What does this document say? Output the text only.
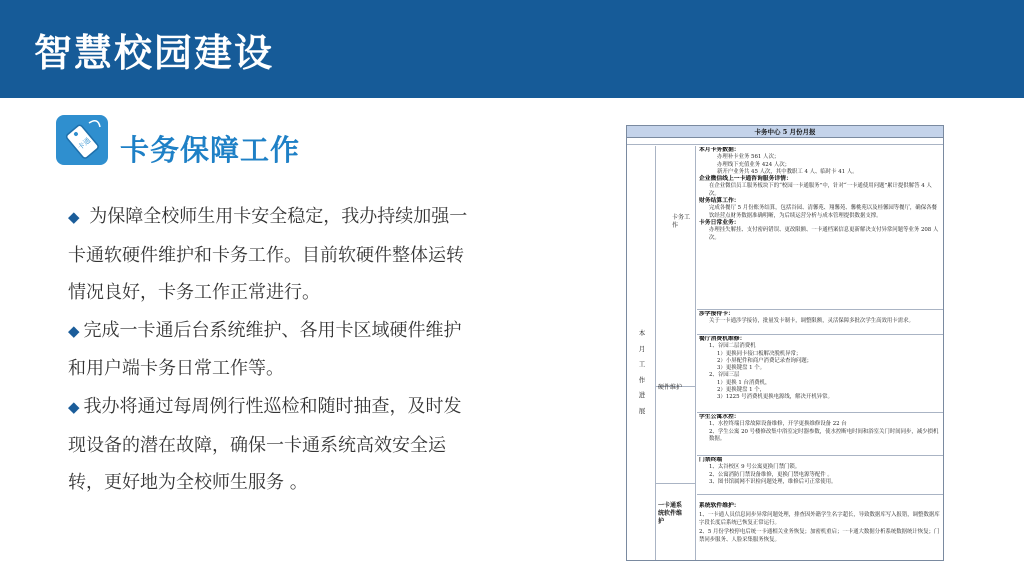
智慧校园建设
卡通 卡务保障工作

◆ 为保障全校师生用卡安全稳定，我办持续加强一卡通软硬件维护和卡务工作。目前软硬件整体运转情况良好，卡务工作正常进行。

◆ 完成一卡通后台系统维护、各用卡区域硬件维护和用户端卡务日常工作等。

◆ 我办将通过每周例行性巡检和随时抽查，及时发现设备的潜在故障，确保一卡通系统高效安全运转，更好地为全校师生服务 。

卡务中心 5 月份月报
本月工作进展
卡务工作
硬件维护
一卡通系统软件维护
本月卡务数据：
办理补卡业务 561 人次；
办理线下充值业务 424 人次；
新开户业务共 45 人次，其中教职工 4 人、临时卡 41 人。
企业微信线上一卡通咨询服务详情：
在企业微信员工服务板块下的“校园一卡通服务”中，针对“一卡通使用问题”累计提供解答 4 人次。
财务结算工作：
完成各餐厅 5 月份账务结算，包括谷园、清馨苑、翔馨苑、馨桃苑以及桂馨园等餐厅，确保各餐饮经营点财务数据准确明晰，为后续运营分析与成本管理提供数据支撑。
卡务日常业务：
办理挂失解挂、支付密码错误、更改限额、一卡通档案信息更新解决支付异常问题等业务 208 人次。
涉学接待卡：
关于一卡通涉学接待，批量发卡制卡，调整限额，灵活保障多批次学生高效用卡需求。
餐厅消费机维修：
1、谷园二层消费机
1）更换同卡接口板解决脱机异常；
2）小屏配件和商户消费记录查询问题；
3）更换键盘 1 个。
2、谷园三层
1）更换 1 台消费机，
2）更换键盘 1 个，
3）1225 号消费机更换电源线，解决开机异常。
学生公寓水控：
1、水控终端日常故障设备维修，开学更换维修设备 22 台
2、学生公寓 20 号楼修改集中浴室定时器参数，使水控断电时间和浴室关门时间同步，减少損机数据。
门禁终端
1、太谷校区 9 号公寓更换门禁门锁。
2、公寓消防门禁设备维修，更换门禁电源等配件 。
3、图书馆属网不识检问题处理，维修后可正常使用。
系统软件维护：
1、一卡通人员信息同步异常问题处理，排查因外籍学生名字超长，导致数据库写入报错，调整数据库字段长度后系统已恢复正常运行。
2、5 月份学校停电后统一卡通相关业务恢复；加密机重启；一卡通大数据分析系统数据统计恢复；门禁同步服务、人脸采集服务恢复。
